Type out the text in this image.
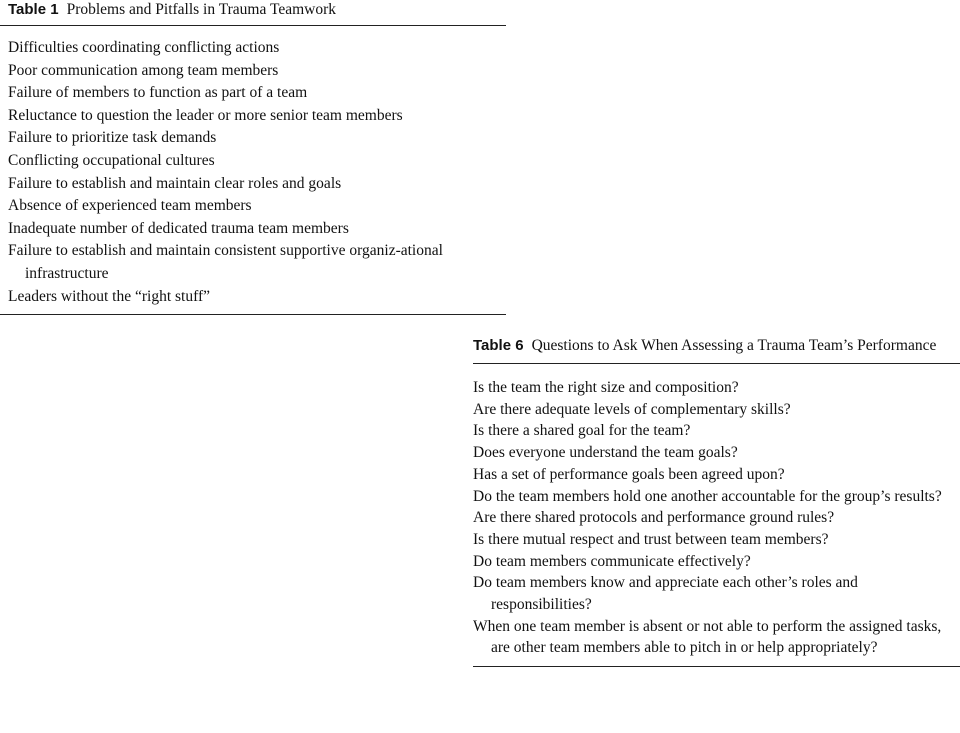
Table 1 Problems and Pitfalls in Trauma Teamwork

Difficulties coordinating conflicting actions
Poor communication among team members
Failure of members to function as part of a team
Reluctance to question the leader or more senior team members
Failure to prioritize task demands
Conflicting occupational cultures
Failure to establish and maintain clear roles and goals
Absence of experienced team members
Inadequate number of dedicated trauma team members
Failure to establish and maintain consistent supportive organiz-ational infrastructure
Leaders without the “right stuff”

Table 6 Questions to Ask When Assessing a Trauma Team’s Performance

Is the team the right size and composition?
Are there adequate levels of complementary skills?
Is there a shared goal for the team?
Does everyone understand the team goals?
Has a set of performance goals been agreed upon?
Do the team members hold one another accountable for the group’s results?
Are there shared protocols and performance ground rules?
Is there mutual respect and trust between team members?
Do team members communicate effectively?
Do team members know and appreciate each other’s roles and responsibilities?
When one team member is absent or not able to perform the assigned tasks, are other team members able to pitch in or help appropriately?
